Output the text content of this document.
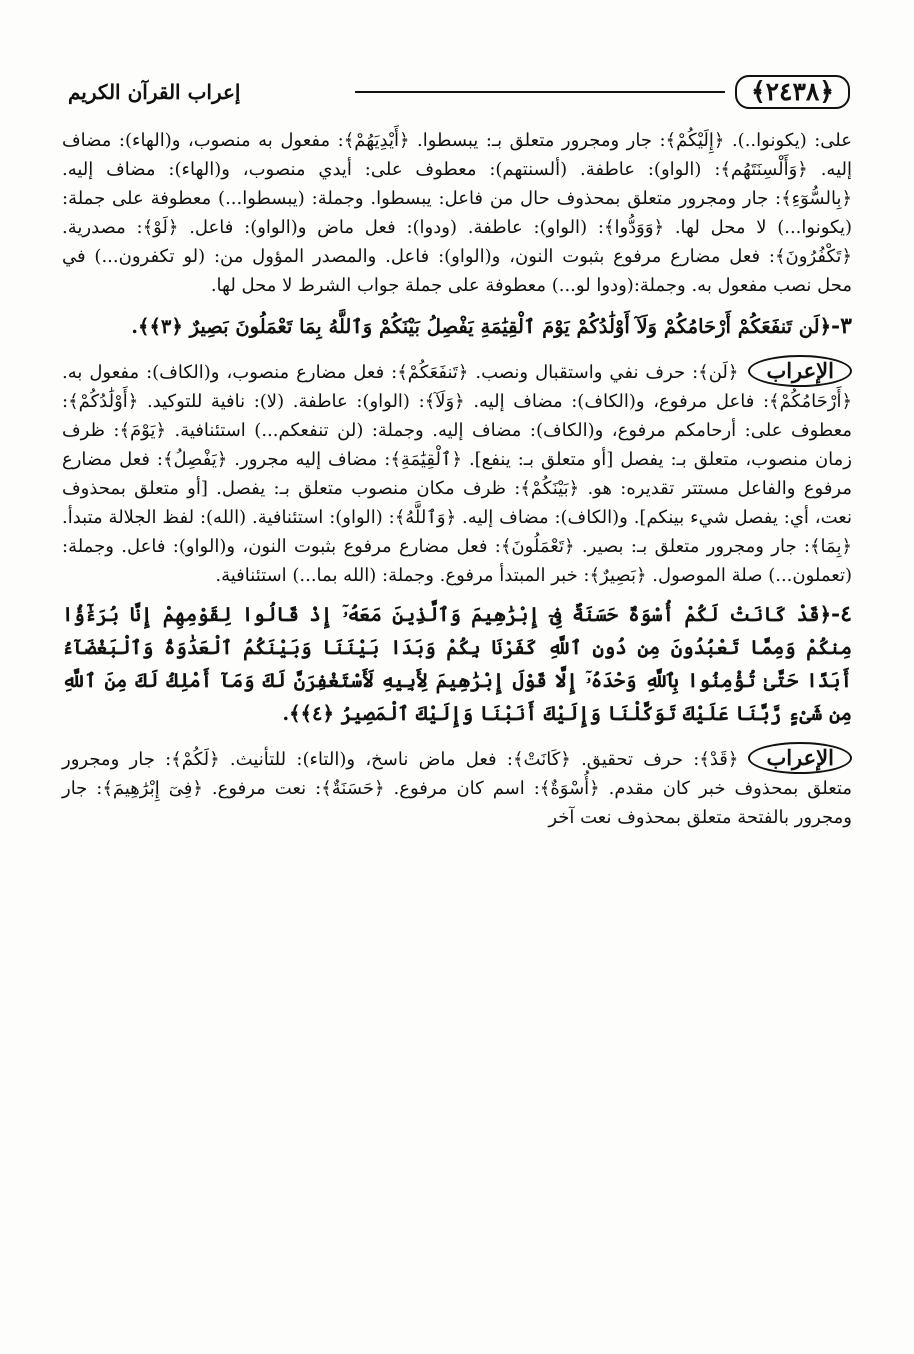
﴿٢٤٣٨﴾
إعراب القرآن الكريم

على: (يكونوا..). ﴿إِلَيْكُمْ﴾: جار ومجرور متعلق بـ: يبسطوا. ﴿أَيْدِيَهُمْ﴾: مفعول به منصوب، و(الهاء): مضاف إليه. ﴿وَأَلْسِنَتَهُم﴾: (الواو): عاطفة. (ألسنتهم): معطوف على: أيدي منصوب، و(الهاء): مضاف إليه. ﴿بِالسُّوٓءِ﴾: جار ومجرور متعلق بمحذوف حال من فاعل: يبسطوا. وجملة: (يبسطوا...) معطوفة على جملة: (يكونوا...) لا محل لها. ﴿وَوَدُّوا﴾: (الواو): عاطفة. (ودوا): فعل ماض و(الواو): فاعل. ﴿لَوْ﴾: مصدرية. ﴿تَكْفُرُونَ﴾: فعل مضارع مرفوع بثبوت النون، و(الواو): فاعل. والمصدر المؤول من: (لو تكفرون...) في محل نصب مفعول به. وجملة:(ودوا لو...) معطوفة على جملة جواب الشرط لا محل لها.

٣-﴿لَن تَنفَعَكُمْ أَرْحَامُكُمْ وَلَآ أَوْلَٰدُكُمْ يَوْمَ ٱلْقِيَٰمَةِ يَفْصِلُ بَيْنَكُمْ وَٱللَّهُ بِمَا تَعْمَلُونَ بَصِيرٌ ﴿٣﴾﴾.

الإعراب﴿لَن﴾: حرف نفي واستقبال ونصب. ﴿تَنفَعَكُمْ﴾: فعل مضارع منصوب، و(الكاف): مفعول به. ﴿أَرْحَامُكُمْ﴾: فاعل مرفوع، و(الكاف): مضاف إليه. ﴿وَلَآ﴾: (الواو): عاطفة. (لا): نافية للتوكيد. ﴿أَوْلَٰدُكُمْ﴾: معطوف على: أرحامكم مرفوع، و(الكاف): مضاف إليه. وجملة: (لن تنفعكم...) استئنافية. ﴿يَوْمَ﴾: ظرف زمان منصوب، متعلق بـ: يفصل [أو متعلق بـ: ينفع]. ﴿ٱلْقِيَٰمَةِ﴾: مضاف إليه مجرور. ﴿يَفْصِلُ﴾: فعل مضارع مرفوع والفاعل مستتر تقديره: هو. ﴿بَيْنَكُمْ﴾: ظرف مكان منصوب متعلق بـ: يفصل. [أو متعلق بمحذوف نعت، أي: يفصل شيء بينكم]. و(الكاف): مضاف إليه. ﴿وَٱللَّهُ﴾: (الواو): استئنافية. (الله): لفظ الجلالة متبدأ. ﴿بِمَا﴾: جار ومجرور متعلق بـ: بصير. ﴿تَعْمَلُونَ﴾: فعل مضارع مرفوع بثبوت النون، و(الواو): فاعل. وجملة: (تعملون...) صلة الموصول. ﴿بَصِيرٌ﴾: خبر المبتدأ مرفوع. وجملة: (الله بما...) استئنافية.

٤-﴿قَدْ كَانَتْ لَكُمْ أُسْوَةٌ حَسَنَةٌ فِىٓ إِبْرَٰهِيمَ وَٱلَّذِينَ مَعَهُۥٓ إِذْ قَالُوا لِقَوْمِهِمْ إِنَّا بُرَءَٰٓؤُا مِنكُمْ وَمِمَّا تَعْبُدُونَ مِن دُونِ ٱللَّهِ كَفَرْنَا بِكُمْ وَبَدَا بَيْنَنَا وَبَيْنَكُمُ ٱلْعَدَٰوَةُ وَٱلْبَغْضَآءُ أَبَدًا حَتَّىٰ تُؤْمِنُوا بِٱللَّهِ وَحْدَهُۥٓ إِلَّا قَوْلَ إِبْرَٰهِيمَ لِأَبِيهِ لَأَسْتَغْفِرَنَّ لَكَ وَمَآ أَمْلِكُ لَكَ مِنَ ٱللَّهِ مِن شَىْءٍ رَّبَّنَا عَلَيْكَ تَوَكَّلْنَا وَإِلَيْكَ أَنَبْنَا وَإِلَيْكَ ٱلْمَصِيرُ ﴿٤﴾﴾.

الإعراب﴿قَدْ﴾: حرف تحقيق. ﴿كَانَتْ﴾: فعل ماض ناسخ، و(التاء): للتأنيث. ﴿لَكُمْ﴾: جار ومجرور متعلق بمحذوف خبر كان مقدم. ﴿أُسْوَةٌ﴾: اسم كان مرفوع. ﴿حَسَنَةٌ﴾: نعت مرفوع. ﴿فِىٓ إِبْرَٰهِيمَ﴾: جار ومجرور بالفتحة متعلق بمحذوف نعت آخر
